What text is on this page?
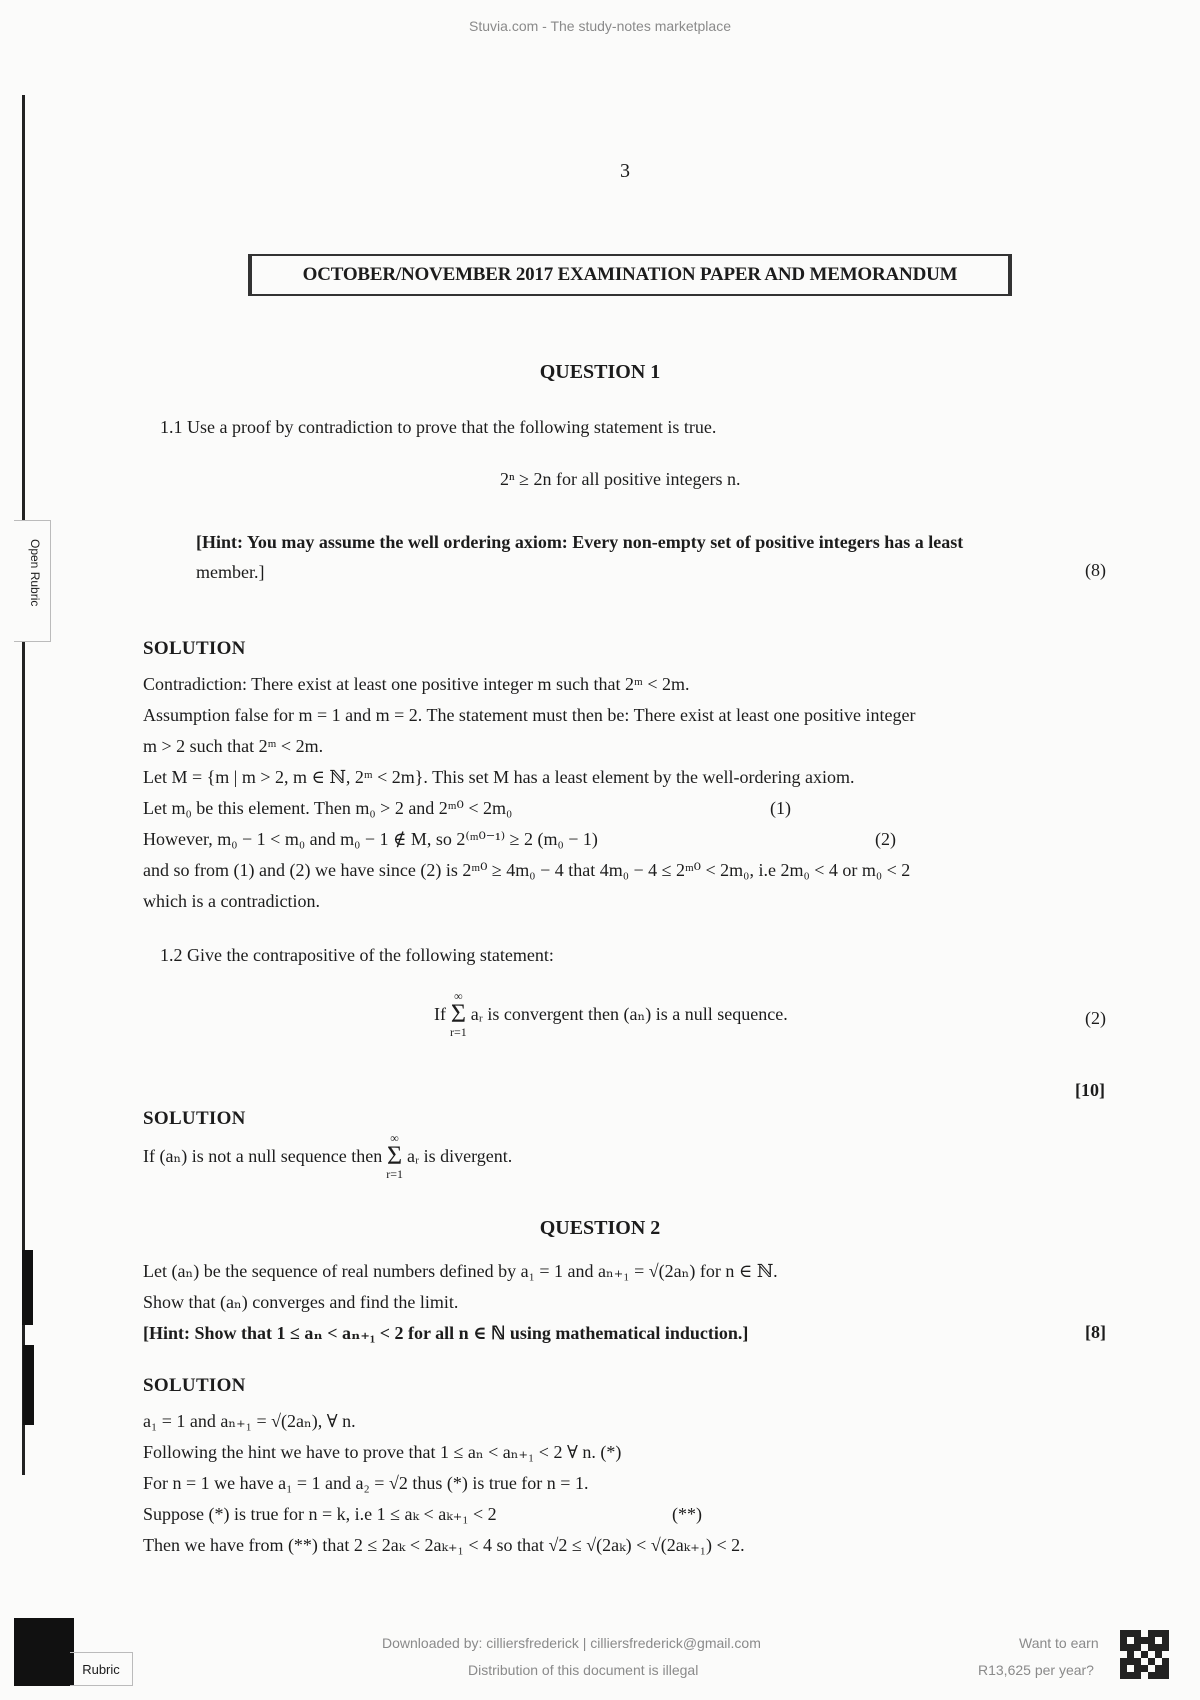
Stuvia.com - The study-notes marketplace
Open Rubric
3
OCTOBER/NOVEMBER 2017 EXAMINATION PAPER AND MEMORANDUM
QUESTION 1
1.1 Use a proof by contradiction to prove that the following statement is true.
2ⁿ ≥ 2n for all positive integers n.
[Hint: You may assume the well ordering axiom: Every non-empty set of positive integers has a least
member.]	(8)
SOLUTION
Contradiction: There exist at least one positive integer m such that 2ᵐ < 2m.
Assumption false for m = 1 and m = 2. The statement must then be: There exist at least one positive integer
m > 2 such that 2ᵐ < 2m.
Let M = {m | m > 2, m ∈ ℕ, 2ᵐ < 2m}. This set M has a least element by the well-ordering axiom.
Let m₀ be this element. Then m₀ > 2 and 2ᵐ⁰ < 2m₀	(1)
However, m₀ − 1 < m₀ and m₀ − 1 ∉ M, so 2⁽ᵐ⁰⁻¹⁾ ≥ 2 (m₀ − 1)	(2)
and so from (1) and (2) we have since (2) is 2ᵐ⁰ ≥ 4m₀ − 4 that 4m₀ − 4 ≤ 2ᵐ⁰ < 2m₀, i.e 2m₀ < 4 or m₀ < 2
which is a contradiction.
1.2 Give the contrapositive of the following statement:
If
∞
Σ
r=1
aᵣ is convergent then (aₙ) is a null sequence.	(2)
[10]
SOLUTION
If (aₙ) is not a null sequence then
∞
Σ
r=1
aᵣ is divergent.
QUESTION 2
Let (aₙ) be the sequence of real numbers defined by a₁ = 1 and aₙ₊₁ = √(2aₙ) for n ∈ ℕ.
Show that (aₙ) converges and find the limit.
[Hint: Show that 1 ≤ aₙ < aₙ₊₁ < 2 for all n ∈ ℕ using mathematical induction.]	[8]
SOLUTION
a₁ = 1 and aₙ₊₁ = √(2aₙ), ∀ n.
Following the hint we have to prove that 1 ≤ aₙ < aₙ₊₁ < 2 ∀ n. (*)
For n = 1 we have a₁ = 1 and a₂ = √2 thus (*) is true for n = 1.
Suppose (*) is true for n = k, i.e 1 ≤ aₖ < aₖ₊₁ < 2	(**)
Then we have from (**) that 2 ≤ 2aₖ < 2aₖ₊₁ < 4 so that √2 ≤ √(2aₖ) < √(2aₖ₊₁) < 2.
Rubric
Downloaded by: cilliersfrederick | cilliersfrederick@gmail.com
Distribution of this document is illegal
Want to earn
R13,625 per year?
